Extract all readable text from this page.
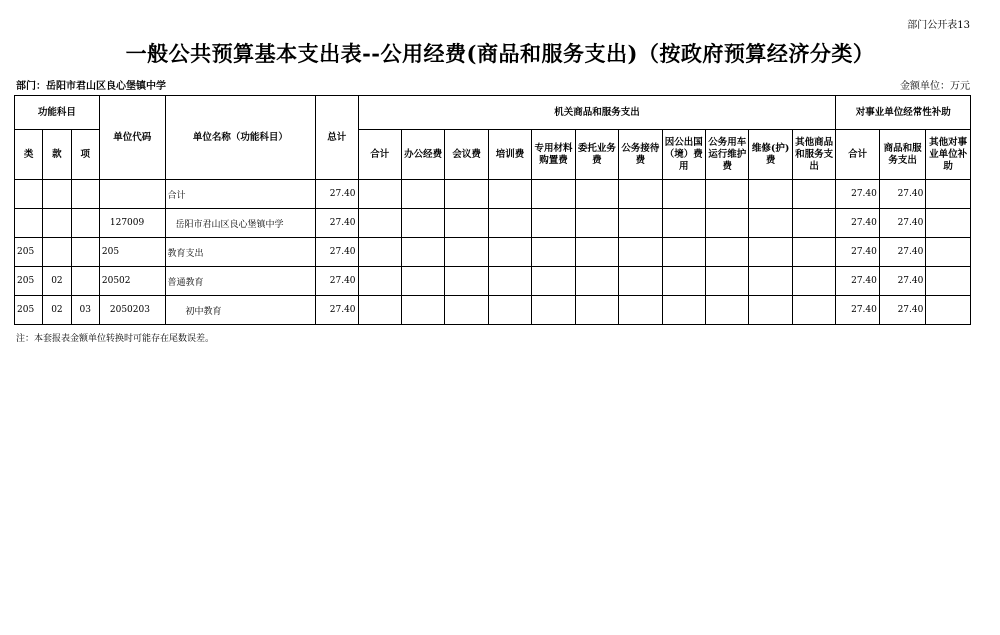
部门公开表13
一般公共预算基本支出表--公用经费(商品和服务支出)（按政府预算经济分类）
部门：岳阳市君山区良心堡镇中学	金额单位：万元
功能科目			单位代码	单位名称（功能科目）	总计	机关商品和服务支出											对事业单位经常性补助		
类	款	项				合计	办公经费	会议费	培训费	专用材料购置费	委托业务费	公务接待费	因公出国（境）费用	公务用车运行维护费	维修(护)费	其他商品和服务支出	合计	商品和服务支出	其他对事业单位补助
				合计	27.40												27.40	27.40	
			127009	岳阳市君山区良心堡镇中学	27.40												27.40	27.40	
205			205	教育支出	27.40												27.40	27.40	
205	02		20502	普通教育	27.40												27.40	27.40	
205	02	03	2050203	初中教育	27.40												27.40	27.40	
注：本套报表金额单位转换时可能存在尾数误差。
